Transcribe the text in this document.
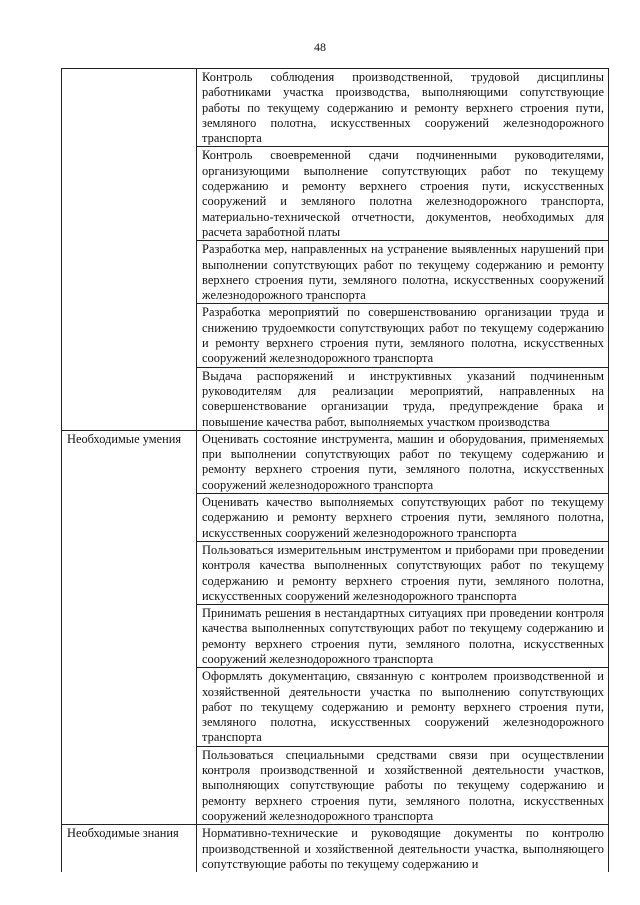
48
	Контроль соблюдения производственной, трудовой дисциплины работниками участка производства, выполняющими сопутствующие работы по текущему содержанию и ремонту верхнего строения пути, земляного полотна, искусственных сооружений железнодорожного транспорта
	Контроль своевременной сдачи подчиненными руководителями, организующими выполнение сопутствующих работ по текущему содержанию и ремонту верхнего строения пути, искусственных сооружений и земляного полотна железнодорожного транспорта, материально-технической отчетности, документов, необходимых для расчета заработной платы
	Разработка мер, направленных на устранение выявленных нарушений при выполнении сопутствующих работ по текущему содержанию и ремонту верхнего строения пути, земляного полотна, искусственных сооружений железнодорожного транспорта
	Разработка мероприятий по совершенствованию организации труда и снижению трудоемкости сопутствующих работ по текущему содержанию и ремонту верхнего строения пути, земляного полотна, искусственных сооружений железнодорожного транспорта
	Выдача распоряжений и инструктивных указаний подчиненным руководителям для реализации мероприятий, направленных на совершенствование организации труда, предупреждение брака и повышение качества работ, выполняемых участком производства
Необходимые умения	Оценивать состояние инструмента, машин и оборудования, применяемых при выполнении сопутствующих работ по текущему содержанию и ремонту верхнего строения пути, земляного полотна, искусственных сооружений железнодорожного транспорта
	Оценивать качество выполняемых сопутствующих работ по текущему содержанию и ремонту верхнего строения пути, земляного полотна, искусственных сооружений железнодорожного транспорта
	Пользоваться измерительным инструментом и приборами при проведении контроля качества выполненных сопутствующих работ по текущему содержанию и ремонту верхнего строения пути, земляного полотна, искусственных сооружений железнодорожного транспорта
	Принимать решения в нестандартных ситуациях при проведении контроля качества выполненных сопутствующих работ по текущему содержанию и ремонту верхнего строения пути, земляного полотна, искусственных сооружений железнодорожного транспорта
	Оформлять документацию, связанную с контролем производственной и хозяйственной деятельности участка по выполнению сопутствующих работ по текущему содержанию и ремонту верхнего строения пути, земляного полотна, искусственных сооружений железнодорожного транспорта
	Пользоваться специальными средствами связи при осуществлении контроля производственной и хозяйственной деятельности участков, выполняющих сопутствующие работы по текущему содержанию и ремонту верхнего строения пути, земляного полотна, искусственных сооружений железнодорожного транспорта
Необходимые знания	Нормативно-технические и руководящие документы по контролю производственной и хозяйственной деятельности участка, выполняющего сопутствующие работы по текущему содержанию и
